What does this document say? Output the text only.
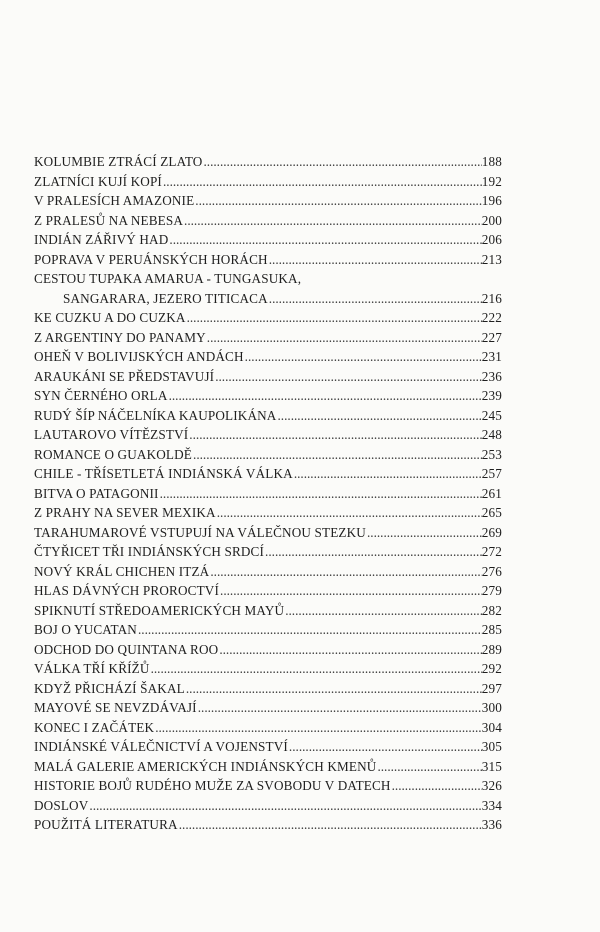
KOLUMBIE ZTRÁCÍ ZLATO .....	188
ZLATNÍCI KUJÍ KOPÍ .....	192
V PRALESÍCH AMAZONIE .....	196
Z PRALESŮ NA NEBESA .....	200
INDIÁN ZÁŘIVÝ HAD .....	206
POPRAVA V PERUÁNSKÝCH HORÁCH .....	213
CESTOU TUPAKA AMARUA - TUNGASUKA,
SANGARARA, JEZERO TITICACA .....	216
KE CUZKU A DO CUZKA .....	222
Z ARGENTINY DO PANAMY .....	227
OHEŇ V BOLIVIJSKÝCH ANDÁCH .....	231
ARAUKÁNI SE PŘEDSTAVUJÍ .....	236
SYN ČERNÉHO ORLA .....	239
RUDÝ ŠÍP NÁČELNÍKA KAUPOLIKÁNA .....	245
LAUTAROVO VÍTĚZSTVÍ .....	248
ROMANCE O GUAKOLDĚ .....	253
CHILE - TŘÍSETLETÁ INDIÁNSKÁ VÁLKA .....	257
BITVA O PATAGONII .....	261
Z PRAHY NA SEVER MEXIKA .....	265
TARAHUMAROVÉ VSTUPUJÍ NA VÁLEČNOU STEZKU .....	269
ČTYŘICET TŘI INDIÁNSKÝCH SRDCÍ .....	272
NOVÝ KRÁL CHICHEN ITZÁ .....	276
HLAS DÁVNÝCH PROROCTVÍ .....	279
SPIKNUTÍ STŘEDOAMERICKÝCH MAYŮ .....	282
BOJ O YUCATAN .....	285
ODCHOD DO QUINTANA ROO .....	289
VÁLKA TŘÍ KŘÍŽŮ .....	292
KDYŽ PŘICHÁZÍ ŠAKAL .....	297
MAYOVÉ SE NEVZDÁVAJÍ .....	300
KONEC I ZAČÁTEK .....	304
INDIÁNSKÉ VÁLEČNICTVÍ A VOJENSTVÍ .....	305
MALÁ GALERIE AMERICKÝCH INDIÁNSKÝCH KMENŮ .....	315
HISTORIE BOJŮ RUDÉHO MUŽE ZA SVOBODU V DATECH .....	326
DOSLOV .....	334
POUŽITÁ LITERATURA .....	336
